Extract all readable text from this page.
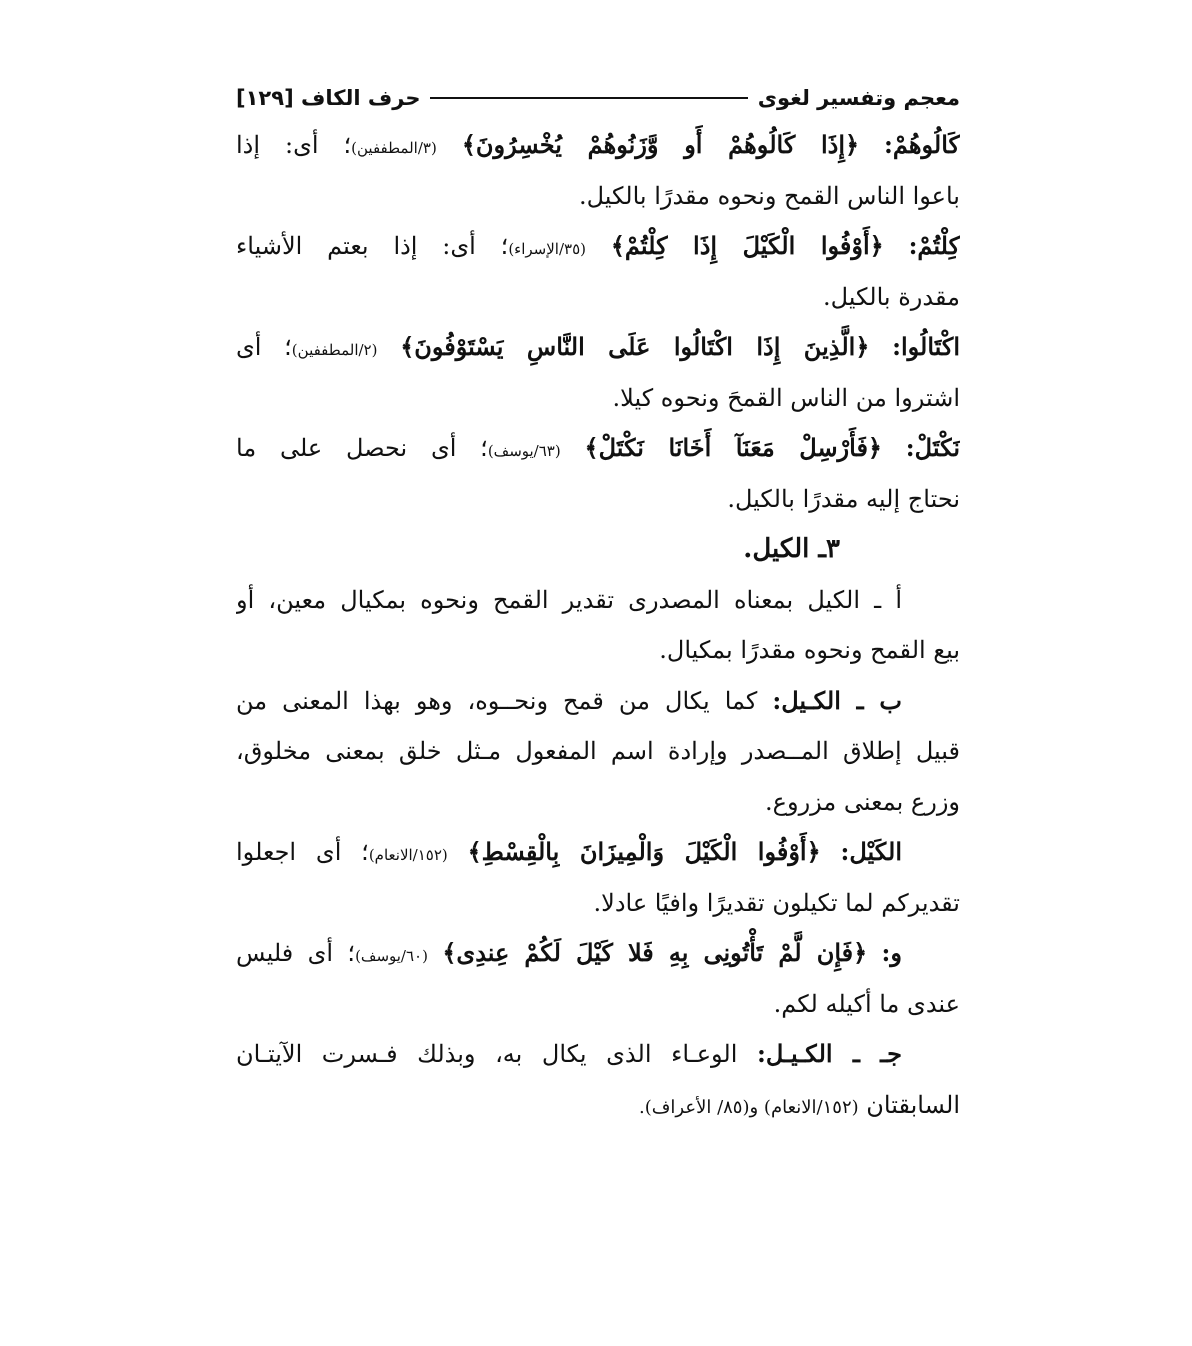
معجم وتفسير لغوى
حرف الكاف [١٢٩]
كَالُوهُمْ: ﴿إِذَا كَالُوهُمْ أَو وَّزَنُوهُمْ يُخْسِرُونَ﴾ (٣/المطففين)؛ أى: إذا
باعوا الناس القمح ونحوه مقدرًا بالكيل.
كِلْتُمْ: ﴿أَوْفُوا الْكَيْلَ إِذَا كِلْتُمْ﴾ (٣٥/الإسراء)؛ أى: إذا بعتم الأشياء
مقدرة بالكيل.
اكْتَالُوا: ﴿الَّذِينَ إِذَا اكْتَالُوا عَلَى النَّاسِ يَسْتَوْفُونَ﴾ (٢/المطففين)؛ أى
اشتروا من الناس القمحَ ونحوه كيلا.
نَكْتَلْ: ﴿فَأَرْسِلْ مَعَنَآ أَخَانَا نَكْتَلْ﴾ (٦٣/يوسف)؛ أى نحصل على ما
نحتاج إليه مقدرًا بالكيل.
٣ـ الكيل.
أ ـ الكيل بمعناه المصدرى تقدير القمح ونحوه بمكيال معين، أو
بيع القمح ونحوه مقدرًا بمكيال.
ب ـ الكـيل: كما يكال من قمح ونحــوه، وهو بهذا المعنى من
قبيل إطلاق المــصدر وإرادة اسم المفعول مـثل خلق بمعنى مخلوق،
وزرع بمعنى مزروع.
الكَيْل: ﴿أَوْفُوا الْكَيْلَ وَالْمِيزَانَ بِالْقِسْطِ﴾ (١٥٢/الانعام)؛ أى اجعلوا
تقديركم لما تكيلون تقديرًا وافيًا عادلا.
و: ﴿فَإِن لَّمْ تَأْتُونِى بِهِ فَلا كَيْلَ لَكُمْ عِندِى﴾ (٦٠/يوسف)؛ أى فليس
عندى ما أكيله لكم.
جـ ـ الكـيـل: الوعـاء الذى يكال به، وبذلك فـسرت الآيتـان
السابقتان (١٥٢/الانعام) و(٨٥/ الأعراف).
